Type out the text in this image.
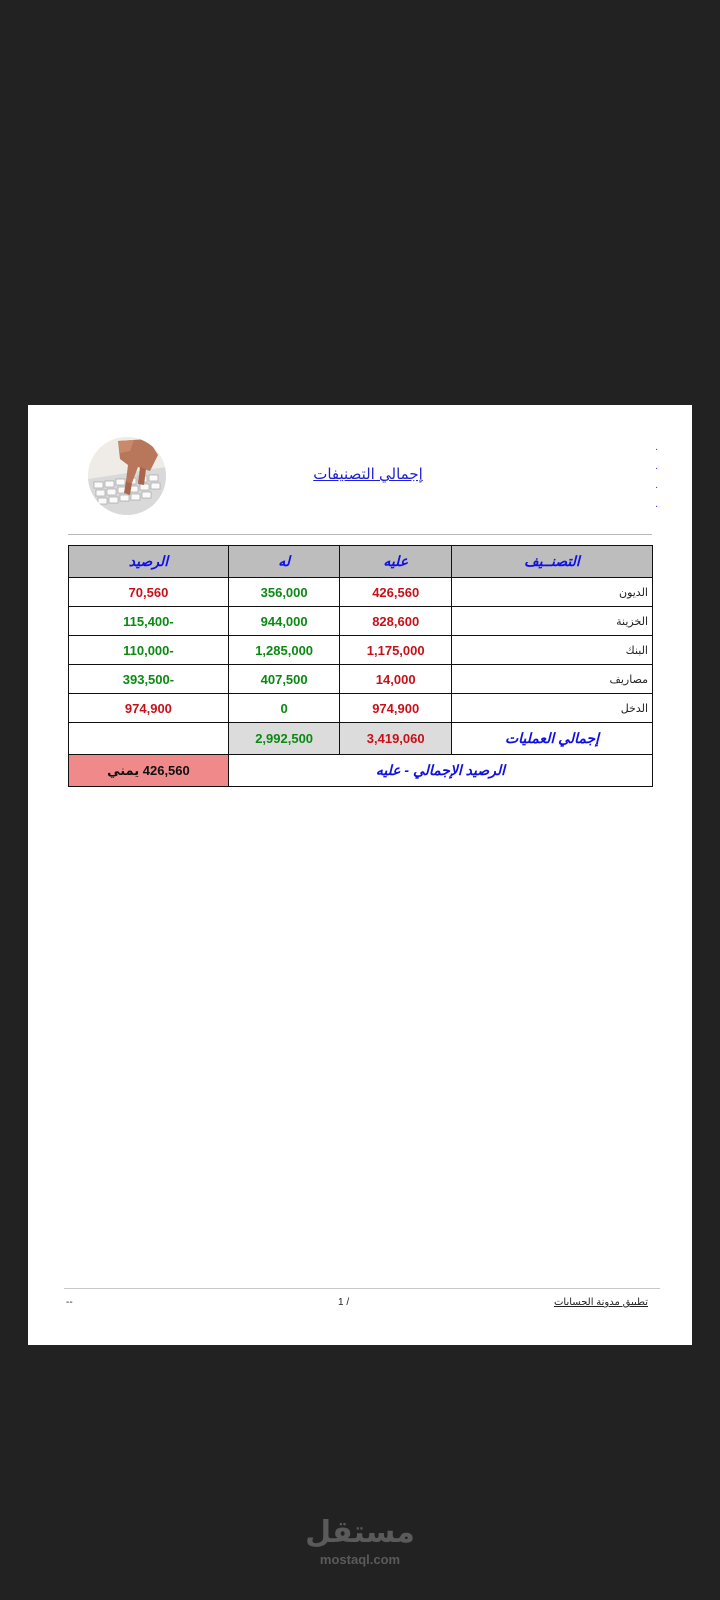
إجمالي التصنيفات
.
.
.
.
التصنــيف	عليه	له	الرصيد
الديون	426,560	356,000	70,560
الخزينة	828,600	944,000	-115,400
البنك	1,175,000	1,285,000	-110,000
مصاريف	14,000	407,500	-393,500
الدخل	974,900	0	974,900
إجمالي العمليات	3,419,060	2,992,500	
الرصيد الإجمالي - عليه			426,560 يمني
تطبيق مدونة الحسابات
1 /
--
مستقل
mostaql.com
